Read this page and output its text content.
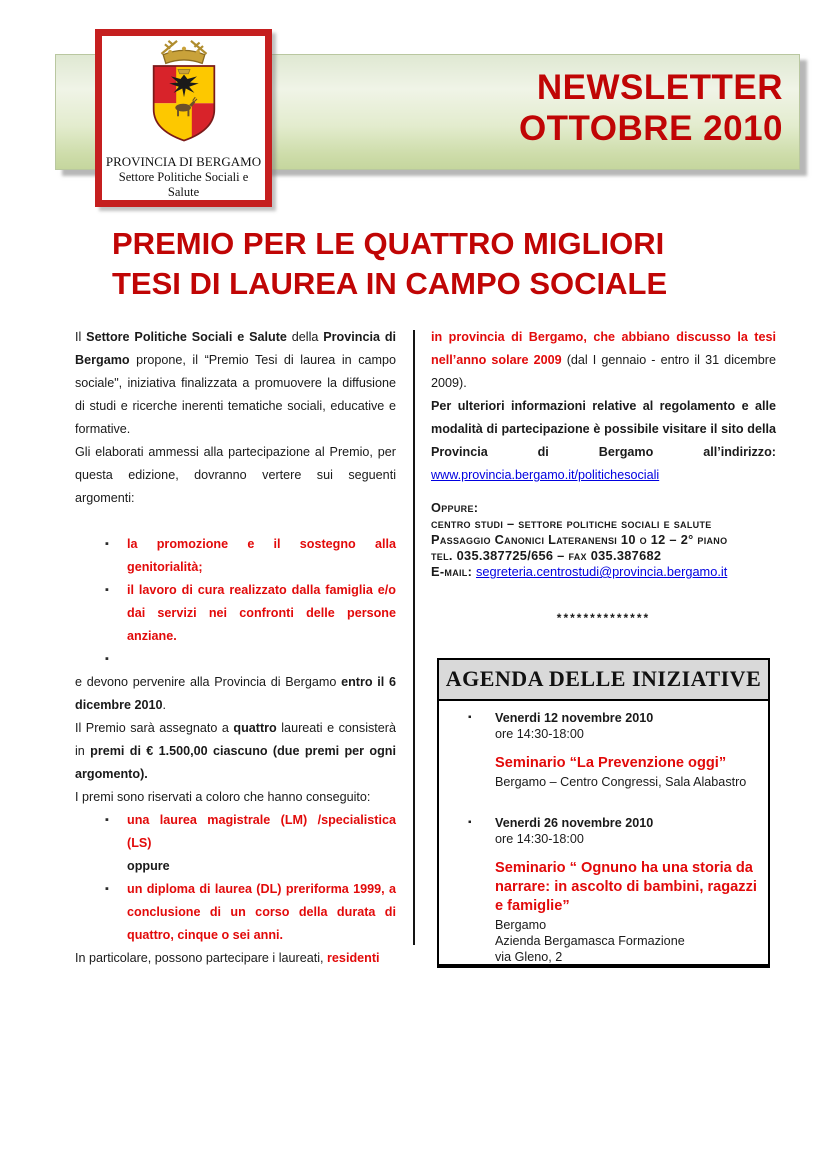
NEWSLETTER
OTTOBRE 2010
PROVINCIA DI BERGAMO
Settore Politiche Sociali e Salute
PREMIO PER LE QUATTRO MIGLIORI
TESI DI LAUREA IN CAMPO SOCIALE

Il Settore Politiche Sociali e Salute della Provincia di Bergamo propone, il “Premio Tesi di laurea in campo sociale", iniziativa finalizzata a promuovere la diffusione di studi e ricerche inerenti tematiche sociali, educative e formative.

Gli elaborati ammessi alla partecipazione al Premio, per questa edizione, dovranno vertere sui seguenti argomenti:

▪	la promozione e il sostegno alla genitorialità;
▪	il lavoro di cura realizzato dalla famiglia e/o dai servizi nei confronti delle persone anziane.
▪

e devono pervenire alla Provincia di Bergamo entro il 6 dicembre 2010.

Il Premio sarà assegnato a quattro laureati e consisterà in premi di € 1.500,00 ciascuno (due premi per ogni argomento).

I premi sono riservati a coloro che hanno conseguito:

▪	una laurea magistrale (LM) /specialistica (LS)
oppure
▪	un diploma di laurea (DL) preriforma 1999, a conclusione di un corso della durata di quattro, cinque o sei anni.

In particolare, possono partecipare i laureati, residenti

in provincia di Bergamo, che abbiano discusso la tesi nell’anno solare 2009 (dal I gennaio - entro il 31 dicembre 2009).

Per ulteriori informazioni relative al regolamento e alle modalità di partecipazione è possibile visitare il sito della Provincia di Bergamo all’indirizzo:

www.provincia.bergamo.it/politichesociali

Oppure:
centro studi – settore politiche sociali e salute
Passaggio Canonici Lateranensi 10 o 12 – 2° piano
tel. 035.387725/656 – fax 035.387682
E-mail: segreteria.centrostudi@provincia.bergamo.it
**************
AGENDA DELLE INIZIATIVE
▪	Venerdi 12 novembre 2010
ore 14:30-18:00
Seminario “La Prevenzione oggi”
Bergamo – Centro Congressi, Sala Alabastro
▪	Venerdi 26 novembre 2010
ore 14:30-18:00
Seminario “ Ognuno ha una storia da narrare: in ascolto di bambini, ragazzi e famiglie”
Bergamo
Azienda Bergamasca Formazione
via Gleno, 2
